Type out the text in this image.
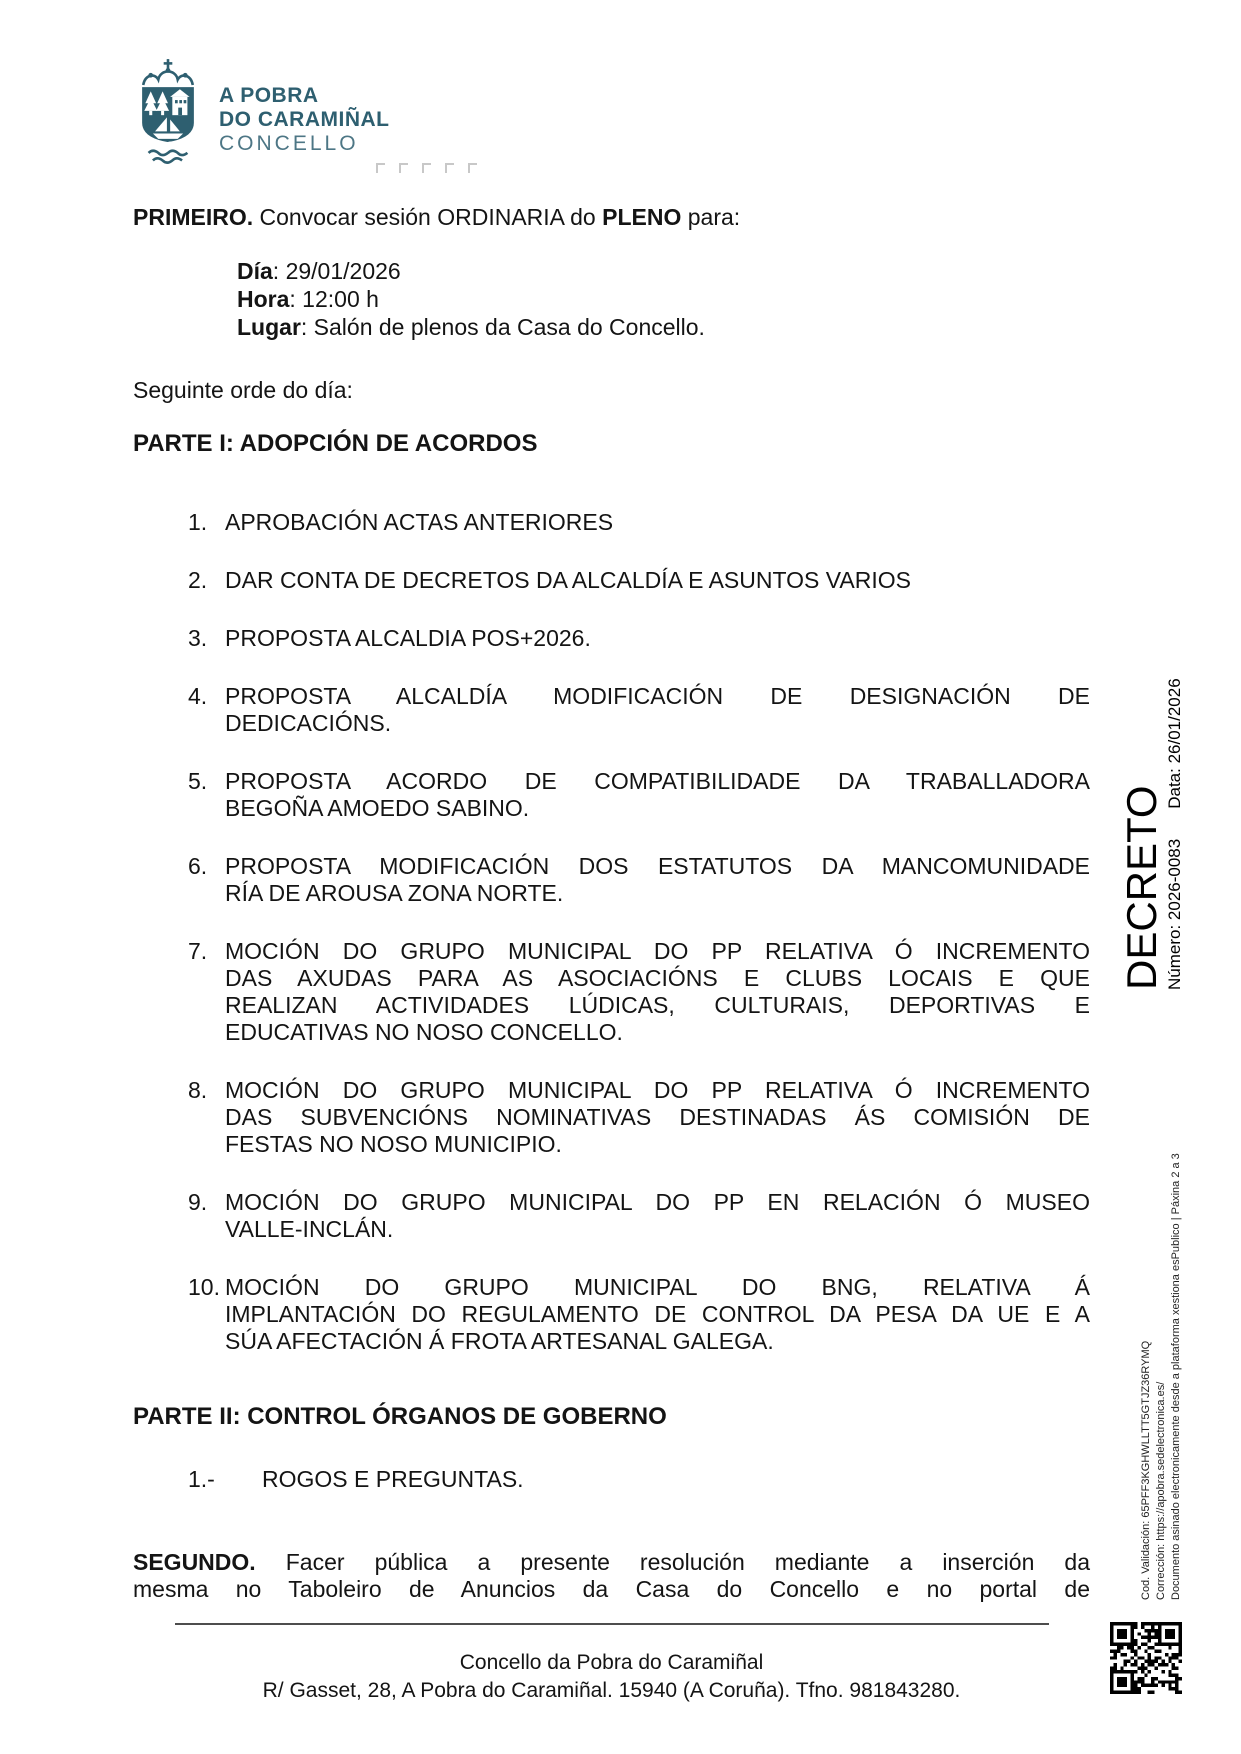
A POBRA
DO CARAMIÑAL
CONCELLO

PRIMEIRO. Convocar sesión ORDINARIA do PLENO para:

Día: 29/01/2026
Hora: 12:00 h
Lugar: Salón de plenos da Casa do Concello.

Seguinte orde do día:

PARTE I: ADOPCIÓN DE ACORDOS
1. APROBACIÓN ACTAS ANTERIORES
2. DAR CONTA DE DECRETOS DA ALCALDÍA E ASUNTOS VARIOS
3. PROPOSTA ALCALDIA POS+2026.
4. PROPOSTA ALCALDÍA MODIFICACIÓN DE DESIGNACIÓN DE
DEDICACIÓNS.
5. PROPOSTA ACORDO DE COMPATIBILIDADE DA TRABALLADORA
BEGOÑA AMOEDO SABINO.
6. PROPOSTA MODIFICACIÓN DOS ESTATUTOS DA MANCOMUNIDADE
RÍA DE AROUSA ZONA NORTE.
7. MOCIÓN DO GRUPO MUNICIPAL DO PP RELATIVA Ó INCREMENTO
DAS AXUDAS PARA AS ASOCIACIÓNS E CLUBS LOCAIS E QUE
REALIZAN ACTIVIDADES LÚDICAS, CULTURAIS, DEPORTIVAS E
EDUCATIVAS NO NOSO CONCELLO.
8. MOCIÓN DO GRUPO MUNICIPAL DO PP RELATIVA Ó INCREMENTO
DAS SUBVENCIÓNS NOMINATIVAS DESTINADAS ÁS COMISIÓN DE
FESTAS NO NOSO MUNICIPIO.
9. MOCIÓN DO GRUPO MUNICIPAL DO PP EN RELACIÓN Ó MUSEO
VALLE-INCLÁN.
10. MOCIÓN DO GRUPO MUNICIPAL DO BNG, RELATIVA Á
IMPLANTACIÓN DO REGULAMENTO DE CONTROL DA PESA DA UE E A
SÚA AFECTACIÓN Á FROTA ARTESANAL GALEGA.
PARTE II: CONTROL ÓRGANOS DE GOBERNO
1.-	ROGOS E PREGUNTAS.
SEGUNDO. Facer pública a presente resolución mediante a inserción da
mesma no Taboleiro de Anuncios da Casa do Concello e no portal de
Concello da Pobra do Caramiñal
R/ Gasset, 28, A Pobra do Caramiñal. 15940 (A Coruña). Tfno. 981843280.
DECRETO Número: 2026-0083
Data: 26/01/2026
Cod. Validación: 65PFF3KGHWLLTT5GTJZ36RYMQ Corrección: https://apobra.sedelectronica.es/ Documento asinado electronicamente desde a plataforma xestiona esPublico | Páxina 2 a 3
